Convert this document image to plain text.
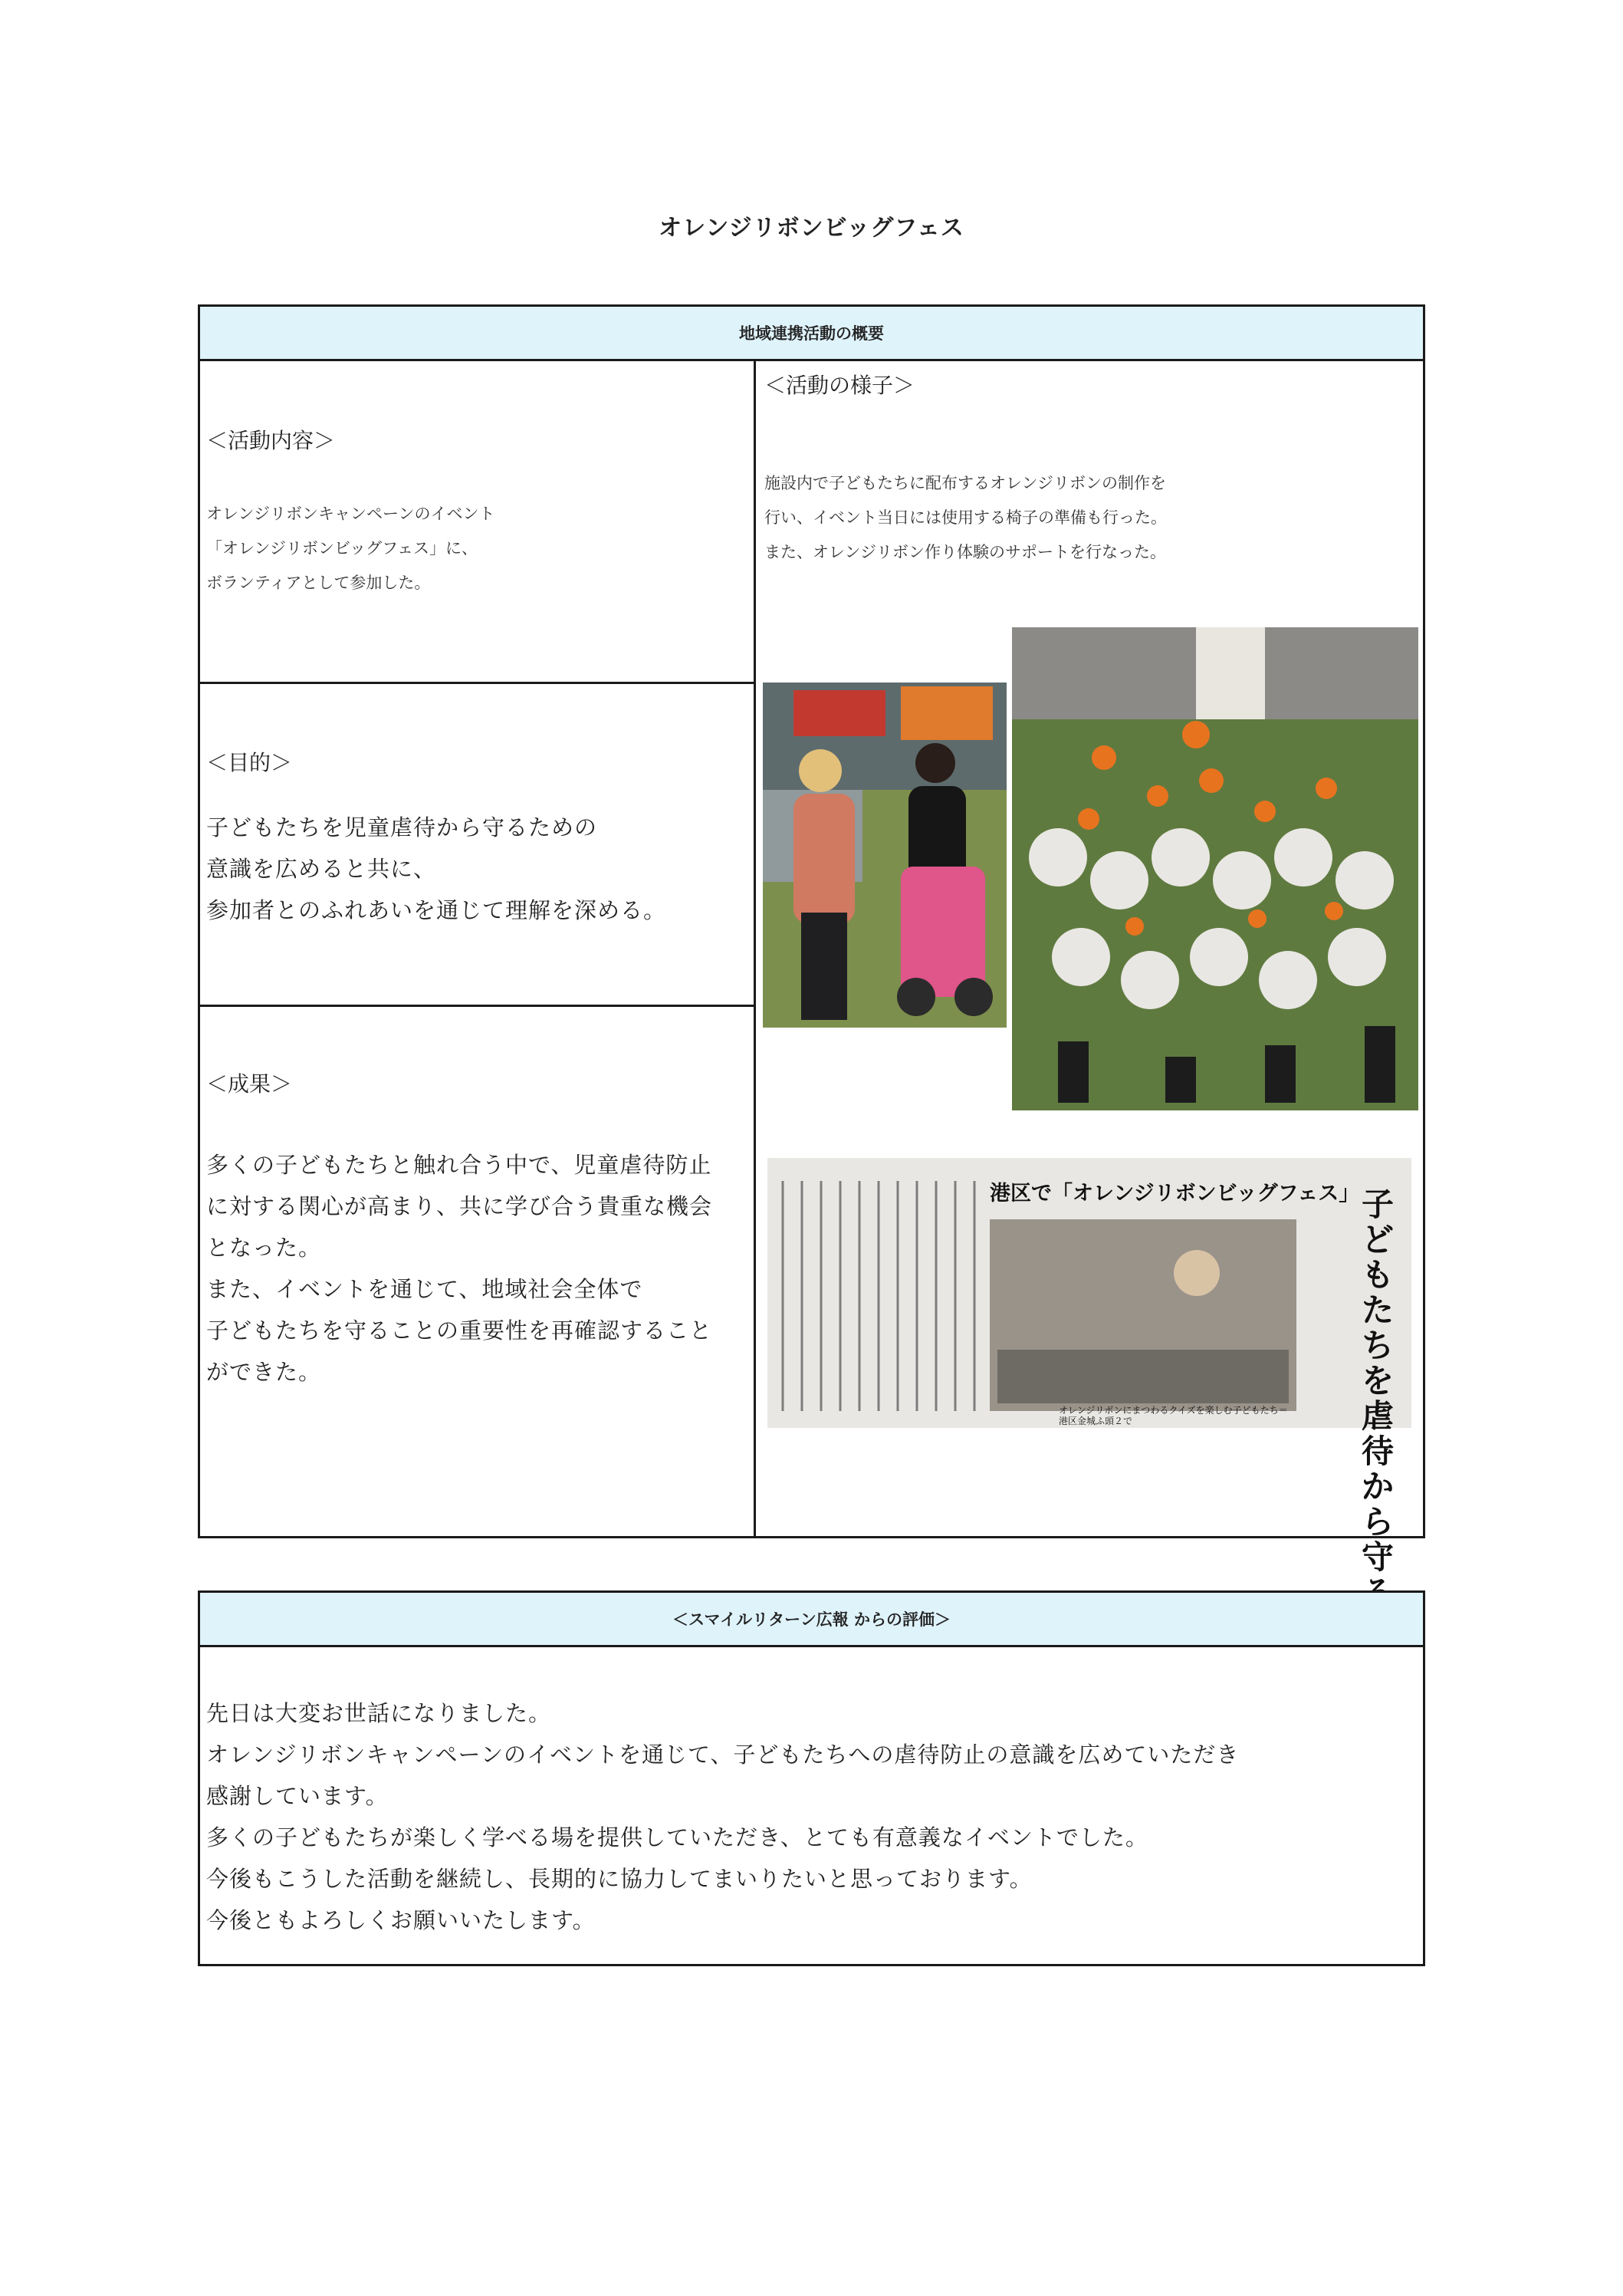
オレンジリボンビッグフェス
地域連携活動の概要
＜活動内容＞
オレンジリボンキャンペーンのイベント
「オレンジリボンビッグフェス」に、
ボランティアとして参加した。
＜目的＞
子どもたちを児童虐待から守るための
意識を広めると共に、
参加者とのふれあいを通じて理解を深める。
＜成果＞
多くの子どもたちと触れ合う中で、児童虐待防止
に対する関心が高まり、共に学び合う貴重な機会
となった。
また、イベントを通じて、地域社会全体で
子どもたちを守ることの重要性を再確認すること
ができた。
＜活動の様子＞
施設内で子どもたちに配布するオレンジリボンの制作を
行い、イベント当日には使用する椅子の準備も行った。
また、オレンジリボン作り体験のサポートを行なった。
港区で「オレンジリボンビッグフェス」 子どもたちを虐待から守
オレンジリボンにまつわるクイズを楽しむ子どもたち＝港区金城ふ頭２で
＜スマイルリターン広報 からの評価＞
先日は大変お世話になりました。
オレンジリボンキャンペーンのイベントを通じて、子どもたちへの虐待防止の意識を広めていただき
感謝しています。
多くの子どもたちが楽しく学べる場を提供していただき、とても有意義なイベントでした。
今後もこうした活動を継続し、長期的に協力してまいりたいと思っております。
今後ともよろしくお願いいたします。
